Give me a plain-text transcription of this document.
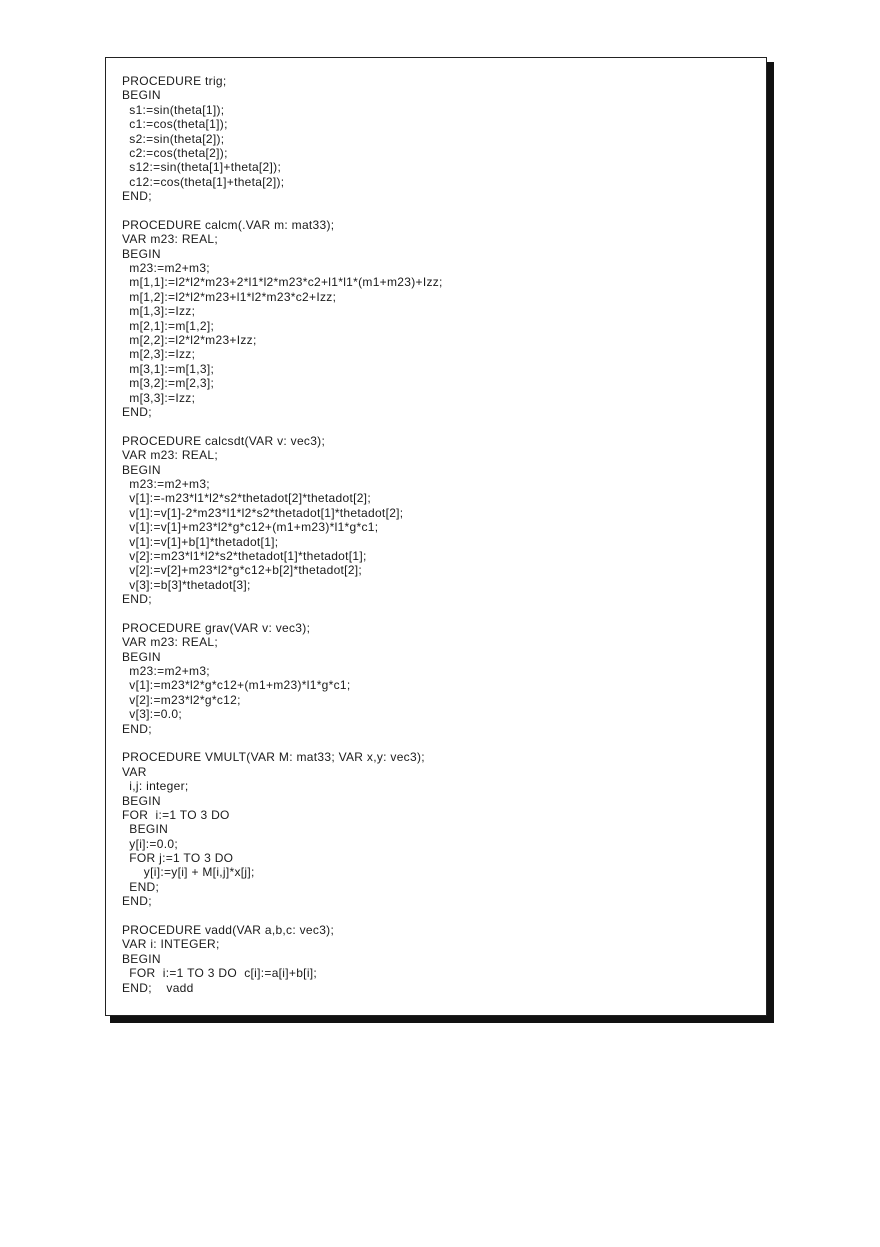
PROCEDURE trig;
BEGIN
s1:=sin(theta[1]);
c1:=cos(theta[1]);
s2:=sin(theta[2]);
c2:=cos(theta[2]);
s12:=sin(theta[1]+theta[2]);
c12:=cos(theta[1]+theta[2]);
END;

PROCEDURE calcm(.VAR m: mat33);
VAR m23: REAL;
BEGIN
m23:=m2+m3;
m[1,1]:=l2*l2*m23+2*l1*l2*m23*c2+l1*l1*(m1+m23)+Izz;
m[1,2]:=l2*l2*m23+l1*l2*m23*c2+Izz;
m[1,3]:=Izz;
m[2,1]:=m[1,2];
m[2,2]:=l2*l2*m23+Izz;
m[2,3]:=Izz;
m[3,1]:=m[1,3];
m[3,2]:=m[2,3];
m[3,3]:=Izz;
END;

PROCEDURE calcsdt(VAR v: vec3);
VAR m23: REAL;
BEGIN
m23:=m2+m3;
v[1]:=-m23*l1*l2*s2*thetadot[2]*thetadot[2];
v[1]:=v[1]-2*m23*l1*l2*s2*thetadot[1]*thetadot[2];
v[1]:=v[1]+m23*l2*g*c12+(m1+m23)*l1*g*c1;
v[1]:=v[1]+b[1]*thetadot[1];
v[2]:=m23*l1*l2*s2*thetadot[1]*thetadot[1];
v[2]:=v[2]+m23*l2*g*c12+b[2]*thetadot[2];
v[3]:=b[3]*thetadot[3];
END;

PROCEDURE grav(VAR v: vec3);
VAR m23: REAL;
BEGIN
m23:=m2+m3;
v[1]:=m23*l2*g*c12+(m1+m23)*l1*g*c1;
v[2]:=m23*l2*g*c12;
v[3]:=0.0;
END;

PROCEDURE VMULT(VAR M: mat33; VAR x,y: vec3);
VAR
i,j: integer;
BEGIN
FOR  i:=1 TO 3 DO
BEGIN
y[i]:=0.0;
FOR j:=1 TO 3 DO
y[i]:=y[i] + M[i,j]*x[j];
END;
END;

PROCEDURE vadd(VAR a,b,c: vec3);
VAR i: INTEGER;
BEGIN
FOR  i:=1 TO 3 DO  c[i]:=a[i]+b[i];
END;    vadd
